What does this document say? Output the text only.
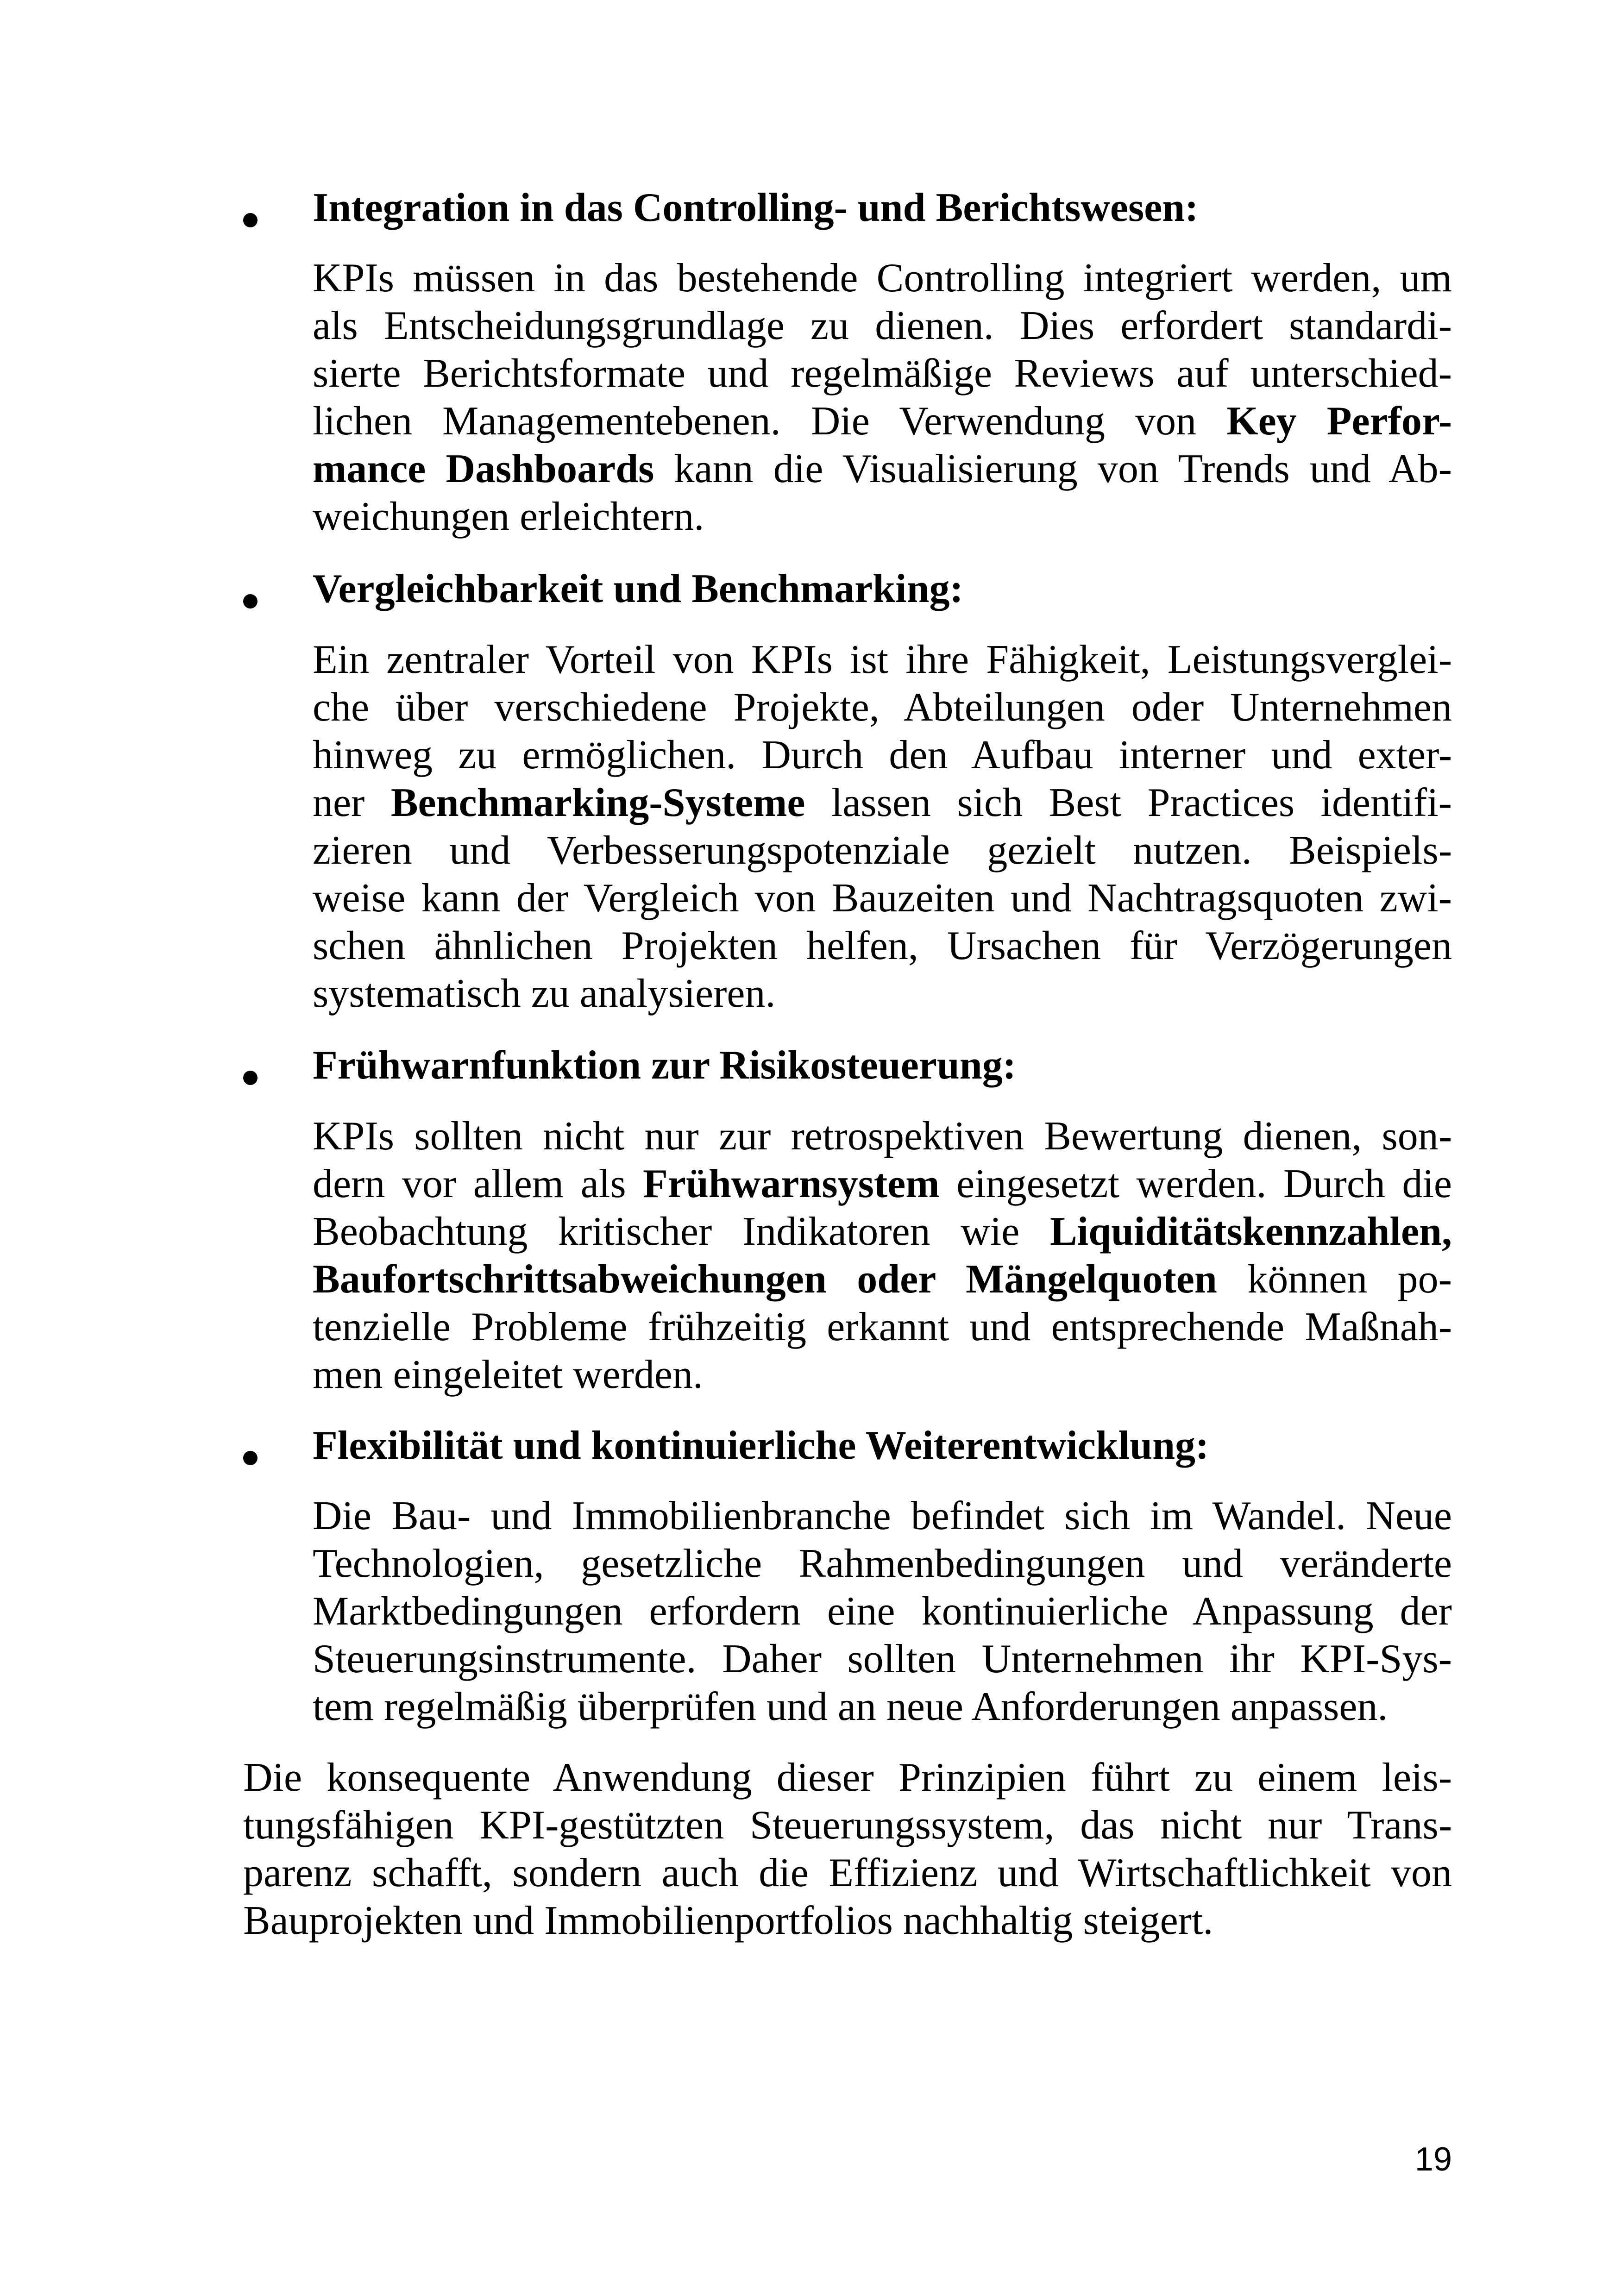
Integration in das Controlling- und Berichtswesen:
KPIs müssen in das bestehende Controlling integriert werden, um
als Entscheidungsgrundlage zu dienen. Dies erfordert standardi-
sierte Berichtsformate und regelmäßige Reviews auf unterschied-
lichen Managementebenen. Die Verwendung von Key Perfor-
mance Dashboards kann die Visualisierung von Trends und Ab-
weichungen erleichtern.
Vergleichbarkeit und Benchmarking:
Ein zentraler Vorteil von KPIs ist ihre Fähigkeit, Leistungsverglei-
che über verschiedene Projekte, Abteilungen oder Unternehmen
hinweg zu ermöglichen. Durch den Aufbau interner und exter-
ner Benchmarking-Systeme lassen sich Best Practices identifi-
zieren und Verbesserungspotenziale gezielt nutzen. Beispiels-
weise kann der Vergleich von Bauzeiten und Nachtragsquoten zwi-
schen ähnlichen Projekten helfen, Ursachen für Verzögerungen
systematisch zu analysieren.
Frühwarnfunktion zur Risikosteuerung:
KPIs sollten nicht nur zur retrospektiven Bewertung dienen, son-
dern vor allem als Frühwarnsystem eingesetzt werden. Durch die
Beobachtung kritischer Indikatoren wie Liquiditätskennzahlen,
Baufortschrittsabweichungen oder Mängelquoten können po-
tenzielle Probleme frühzeitig erkannt und entsprechende Maßnah-
men eingeleitet werden.
Flexibilität und kontinuierliche Weiterentwicklung:
Die Bau- und Immobilienbranche befindet sich im Wandel. Neue
Technologien, gesetzliche Rahmenbedingungen und veränderte
Marktbedingungen erfordern eine kontinuierliche Anpassung der
Steuerungsinstrumente. Daher sollten Unternehmen ihr KPI-Sys-
tem regelmäßig überprüfen und an neue Anforderungen anpassen.
Die konsequente Anwendung dieser Prinzipien führt zu einem leis-
tungsfähigen KPI-gestützten Steuerungssystem, das nicht nur Trans-
parenz schafft, sondern auch die Effizienz und Wirtschaftlichkeit von
Bauprojekten und Immobilienportfolios nachhaltig steigert.
19
